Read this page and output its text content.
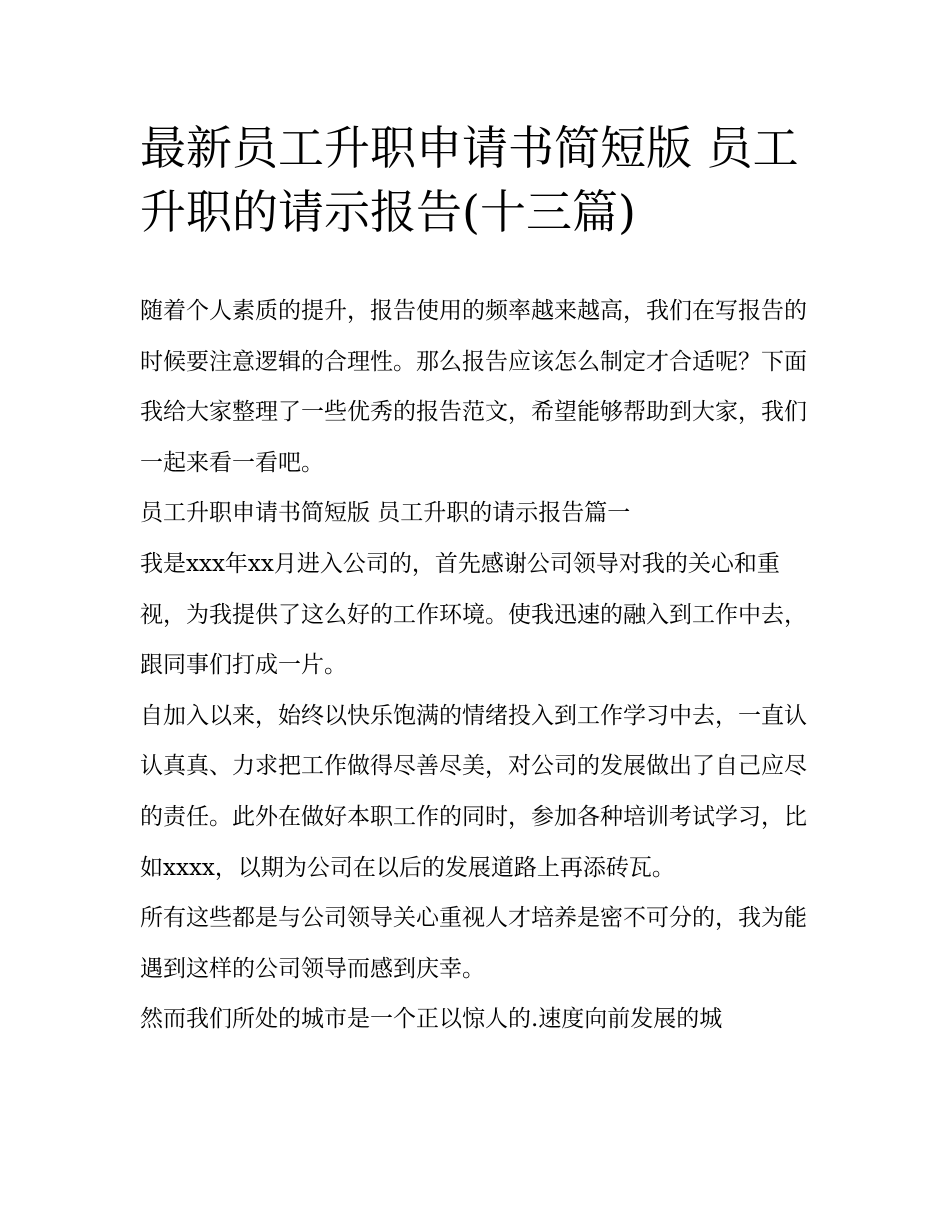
最新员工升职申请书简短版 员工升职的请示报告(十三篇)

随着个人素质的提升，报告使用的频率越来越高，我们在写报告的时候要注意逻辑的合理性。那么报告应该怎么制定才合适呢？下面我给大家整理了一些优秀的报告范文，希望能够帮助到大家，我们一起来看一看吧。

员工升职申请书简短版 员工升职的请示报告篇一

我是xxx年xx月进入公司的，首先感谢公司领导对我的关心和重视，为我提供了这么好的工作环境。使我迅速的融入到工作中去，跟同事们打成一片。

自加入以来，始终以快乐饱满的情绪投入到工作学习中去，一直认认真真、力求把工作做得尽善尽美，对公司的发展做出了自己应尽的责任。此外在做好本职工作的同时，参加各种培训考试学习，比如xxxx，以期为公司在以后的发展道路上再添砖瓦。

所有这些都是与公司领导关心重视人才培养是密不可分的，我为能遇到这样的公司领导而感到庆幸。

然而我们所处的城市是一个正以惊人的.速度向前发展的城
